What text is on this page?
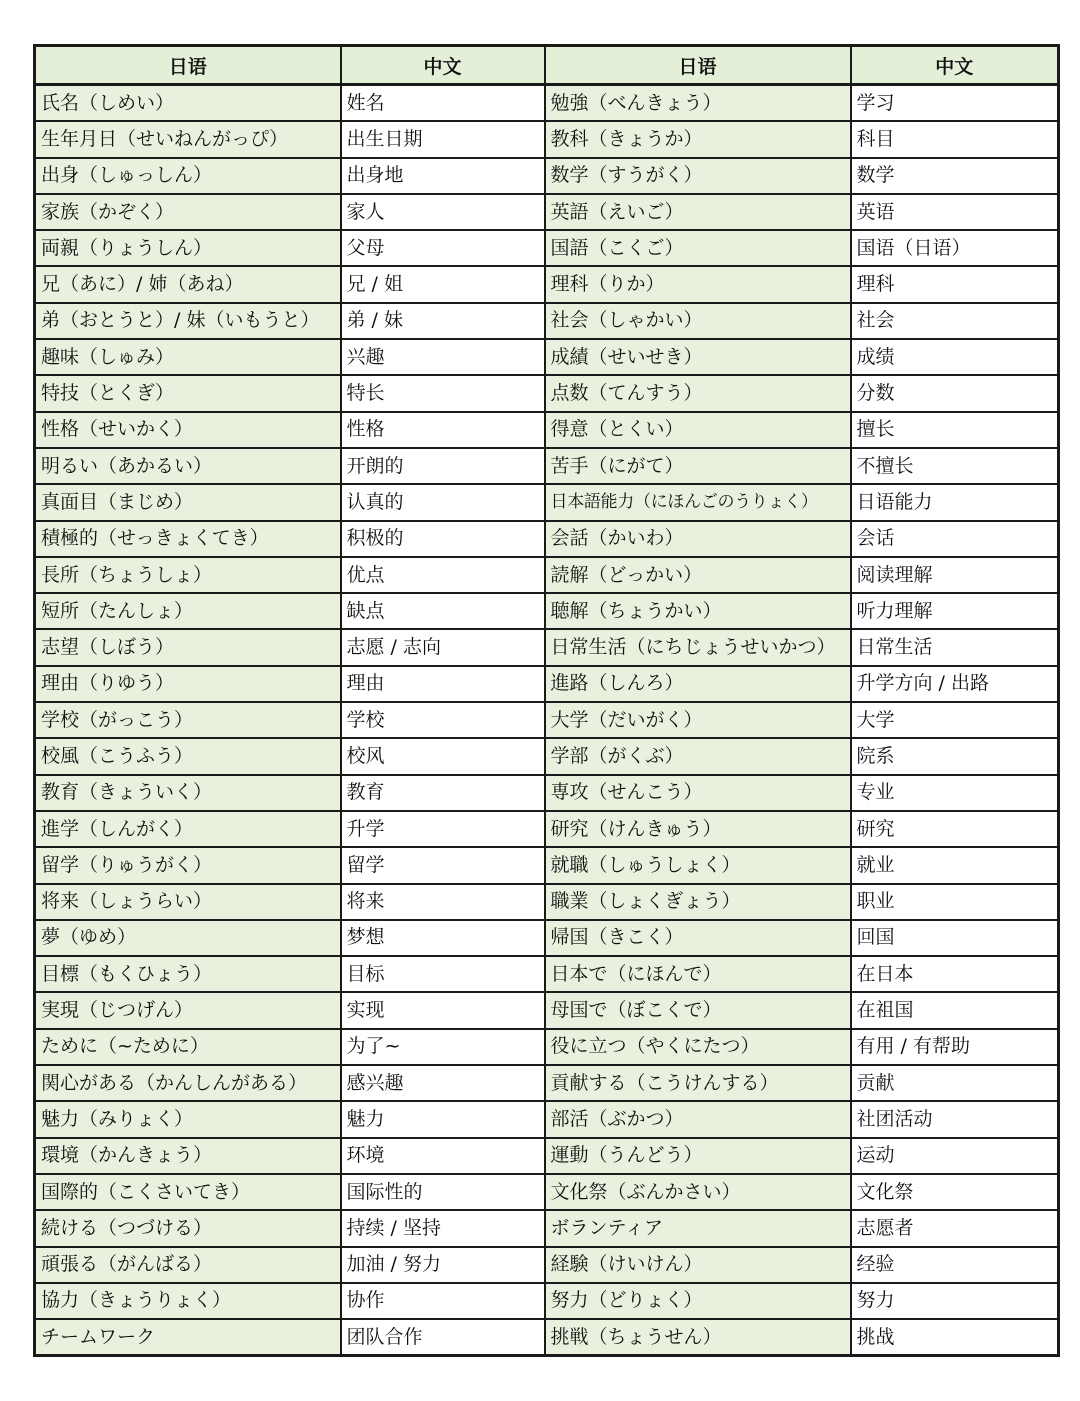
日语	中文	日语	中文
氏名（しめい）	姓名	勉強（べんきょう）	学习
生年月日（せいねんがっぴ）	出生日期	教科（きょうか）	科目
出身（しゅっしん）	出身地	数学（すうがく）	数学
家族（かぞく）	家人	英語（えいご）	英语
両親（りょうしん）	父母	国語（こくご）	国语（日语）
兄（あに）/ 姉（あね）	兄 / 姐	理科（りか）	理科
弟（おとうと）/ 妹（いもうと）	弟 / 妹	社会（しゃかい）	社会
趣味（しゅみ）	兴趣	成績（せいせき）	成绩
特技（とくぎ）	特长	点数（てんすう）	分数
性格（せいかく）	性格	得意（とくい）	擅长
明るい（あかるい）	开朗的	苦手（にがて）	不擅长
真面目（まじめ）	认真的	日本語能力（にほんごのうりょく）	日语能力
積極的（せっきょくてき）	积极的	会話（かいわ）	会话
長所（ちょうしょ）	优点	読解（どっかい）	阅读理解
短所（たんしょ）	缺点	聴解（ちょうかい）	听力理解
志望（しぼう）	志愿 / 志向	日常生活（にちじょうせいかつ）	日常生活
理由（りゆう）	理由	進路（しんろ）	升学方向 / 出路
学校（がっこう）	学校	大学（だいがく）	大学
校風（こうふう）	校风	学部（がくぶ）	院系
教育（きょういく）	教育	専攻（せんこう）	专业
進学（しんがく）	升学	研究（けんきゅう）	研究
留学（りゅうがく）	留学	就職（しゅうしょく）	就业
将来（しょうらい）	将来	職業（しょくぎょう）	职业
夢（ゆめ）	梦想	帰国（きこく）	回国
目標（もくひょう）	目标	日本で（にほんで）	在日本
実現（じつげん）	实现	母国で（ぼこくで）	在祖国
ために（~ために）	为了~	役に立つ（やくにたつ）	有用 / 有帮助
関心がある（かんしんがある）	感兴趣	貢献する（こうけんする）	贡献
魅力（みりょく）	魅力	部活（ぶかつ）	社团活动
環境（かんきょう）	环境	運動（うんどう）	运动
国際的（こくさいてき）	国际性的	文化祭（ぶんかさい）	文化祭
続ける（つづける）	持续 / 坚持	ボランティア	志愿者
頑張る（がんばる）	加油 / 努力	経験（けいけん）	经验
協力（きょうりょく）	协作	努力（どりょく）	努力
チームワーク	团队合作	挑戦（ちょうせん）	挑战
